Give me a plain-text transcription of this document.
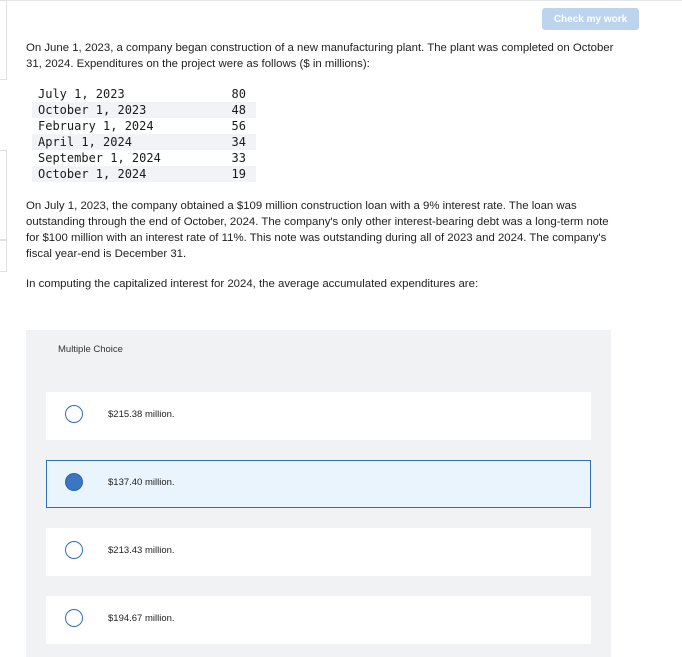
Check my work

On June 1, 2023, a company began construction of a new manufacturing plant. The plant was completed on October 31, 2024. Expenditures on the project were as follows ($ in millions):

July 1, 2023	80
October 1, 2023	48
February 1, 2024	56
April 1, 2024	34
September 1, 2024	33
October 1, 2024	19

On July 1, 2023, the company obtained a $109 million construction loan with a 9% interest rate. The loan was outstanding through the end of October, 2024. The company's only other interest-bearing debt was a long-term note for $100 million with an interest rate of 11%. This note was outstanding during all of 2023 and 2024. The company's fiscal year-end is December 31.

In computing the capitalized interest for 2024, the average accumulated expenditures are:

Multiple Choice
$215.38 million.
$137.40 million.
$213.43 million.
$194.67 million.
